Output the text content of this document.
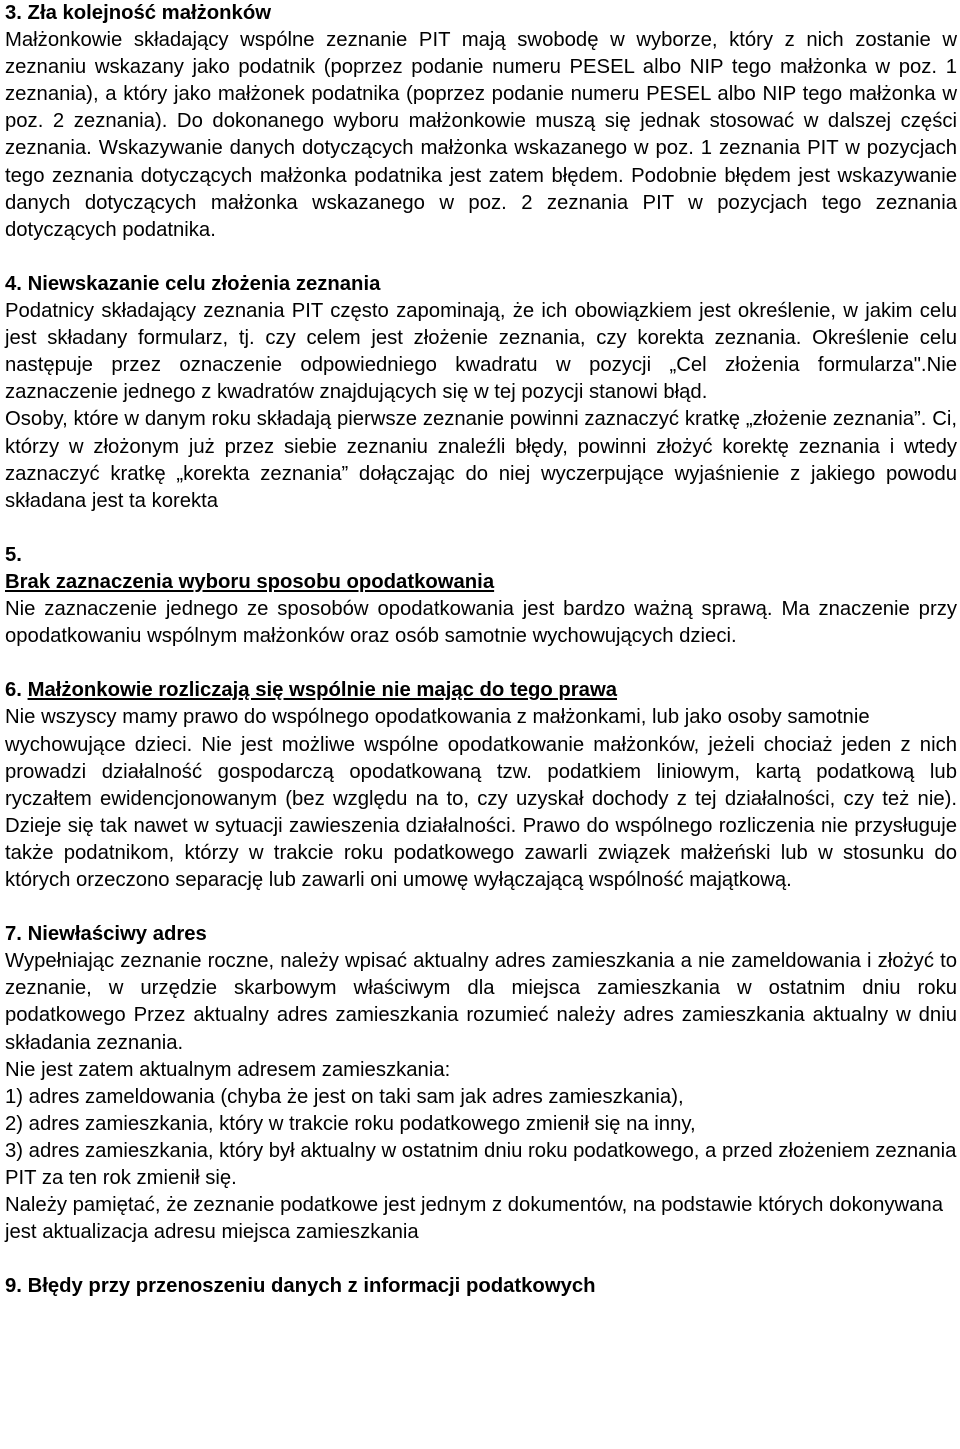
3. Zła kolejność małżonków

Małżonkowie składający wspólne zeznanie PIT mają swobodę w wyborze, który z nich zostanie w zeznaniu wskazany jako podatnik (poprzez podanie numeru PESEL albo NIP tego małżonka w poz. 1 zeznania), a który jako małżonek podatnika (poprzez podanie numeru PESEL albo NIP tego małżonka w poz. 2 zeznania). Do dokonanego wyboru małżonkowie muszą się jednak stosować w dalszej części zeznania. Wskazywanie danych dotyczących małżonka wskazanego w poz. 1 zeznania PIT w pozycjach tego zeznania dotyczących małżonka podatnika jest zatem błędem. Podobnie błędem jest wskazywanie danych dotyczących małżonka wskazanego w poz. 2 zeznania PIT w pozycjach tego zeznania dotyczących podatnika.

4. Niewskazanie celu złożenia zeznania

Podatnicy składający zeznania PIT często zapominają, że ich obowiązkiem jest określenie, w jakim celu jest składany formularz, tj. czy celem jest złożenie zeznania, czy korekta zeznania. Określenie celu następuje przez oznaczenie odpowiedniego kwadratu w pozycji „Cel złożenia formularza".Nie zaznaczenie jednego z kwadratów znajdujących się w tej pozycji stanowi błąd.

Osoby, które w danym roku składają pierwsze zeznanie powinni zaznaczyć kratkę „złożenie zeznania”. Ci, którzy w złożonym już przez siebie zeznaniu znaleźli błędy, powinni złożyć korektę zeznania i wtedy zaznaczyć kratkę „korekta zeznania” dołączając do niej wyczerpujące wyjaśnienie z jakiego powodu składana jest ta korekta

5.
Brak zaznaczenia wyboru sposobu opodatkowania

Nie zaznaczenie jednego ze sposobów opodatkowania jest bardzo ważną sprawą. Ma znaczenie przy opodatkowaniu wspólnym małżonków oraz osób samotnie wychowujących dzieci.

6. Małżonkowie rozliczają się wspólnie nie mając do tego prawa

Nie wszyscy mamy prawo do wspólnego opodatkowania z małżonkami, lub jako osoby samotnie

wychowujące dzieci. Nie jest możliwe wspólne opodatkowanie małżonków, jeżeli chociaż jeden z nich prowadzi działalność gospodarczą opodatkowaną tzw. podatkiem liniowym, kartą podatkową lub ryczałtem ewidencjonowanym (bez względu na to, czy uzyskał dochody z tej działalności, czy też nie). Dzieje się tak nawet w sytuacji zawieszenia działalności. Prawo do wspólnego rozliczenia nie przysługuje także podatnikom, którzy w trakcie roku podatkowego zawarli związek małżeński lub w stosunku do których orzeczono separację lub zawarli oni umowę wyłączającą wspólność majątkową.

7. Niewłaściwy adres

Wypełniając zeznanie roczne, należy wpisać aktualny adres zamieszkania a nie zameldowania i złożyć to zeznanie, w urzędzie skarbowym właściwym dla miejsca zamieszkania w ostatnim dniu roku podatkowego Przez aktualny adres zamieszkania rozumieć należy adres zamieszkania aktualny w dniu składania zeznania.

Nie jest zatem aktualnym adresem zamieszkania:

1) adres zameldowania (chyba że jest on taki sam jak adres zamieszkania),

2) adres zamieszkania, który w trakcie roku podatkowego zmienił się na inny,

3) adres zamieszkania, który był aktualny w ostatnim dniu roku podatkowego, a przed złożeniem zeznania PIT za ten rok zmienił się.

Należy pamiętać, że zeznanie podatkowe jest jednym z dokumentów, na podstawie których dokonywana jest aktualizacja adresu miejsca zamieszkania

9. Błędy przy przenoszeniu danych z informacji podatkowych
